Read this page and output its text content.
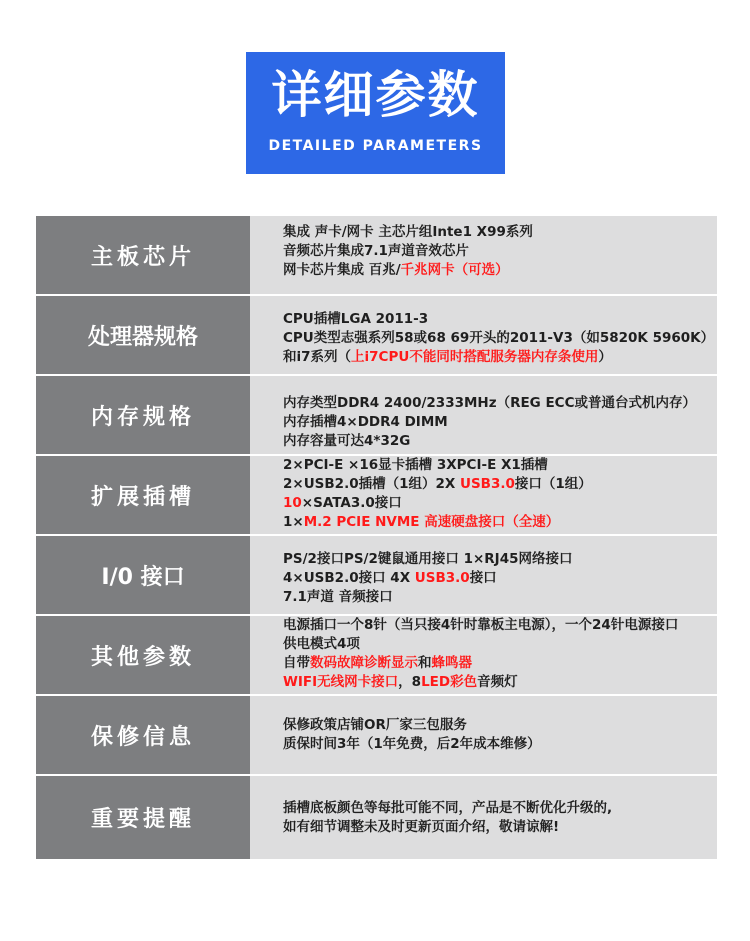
详细参数
DETAILED PARAMETERS
主板芯片
集成 声卡/网卡 主芯片组Inte1 X99系列
音频芯片集成7.1声道音效芯片
网卡芯片集成 百兆/千兆网卡（可选）
处理器规格
CPU插槽LGA 2011-3
CPU类型志强系列58或68 69开头的2011-V3（如5820K 5960K）
和i7系列（上i7CPU不能同时搭配服务器内存条使用）
内存规格
内存类型DDR4 2400/2333MHz（REG ECC或普通台式机内存）
内存插槽4×DDR4 DIMM
内存容量可达4*32G
扩展插槽
2×PCI-E ×16显卡插槽 3XPCI-E X1插槽
2×USB2.0插槽（1组）2X USB3.0接口（1组）
10×SATA3.0接口
1×M.2 PCIE NVME 高速硬盘接口（全速）
I/0 接口
PS/2接口PS/2键鼠通用接口 1×RJ45网络接口
4×USB2.0接口 4X USB3.0接口
7.1声道 音频接口
其他参数
电源插口一个8针（当只接4针时靠板主电源），一个24针电源接口
供电模式4项
自带数码故障诊断显示和蜂鸣器
WIFI无线网卡接口，8LED彩色音频灯
保修信息	保修政策店铺OR厂家三包服务
质保时间3年（1年免费，后2年成本维修）
重要提醒	插槽底板颜色等每批可能不同，产品是不断优化升级的,
如有细节调整未及时更新页面介绍，敬请谅解!
